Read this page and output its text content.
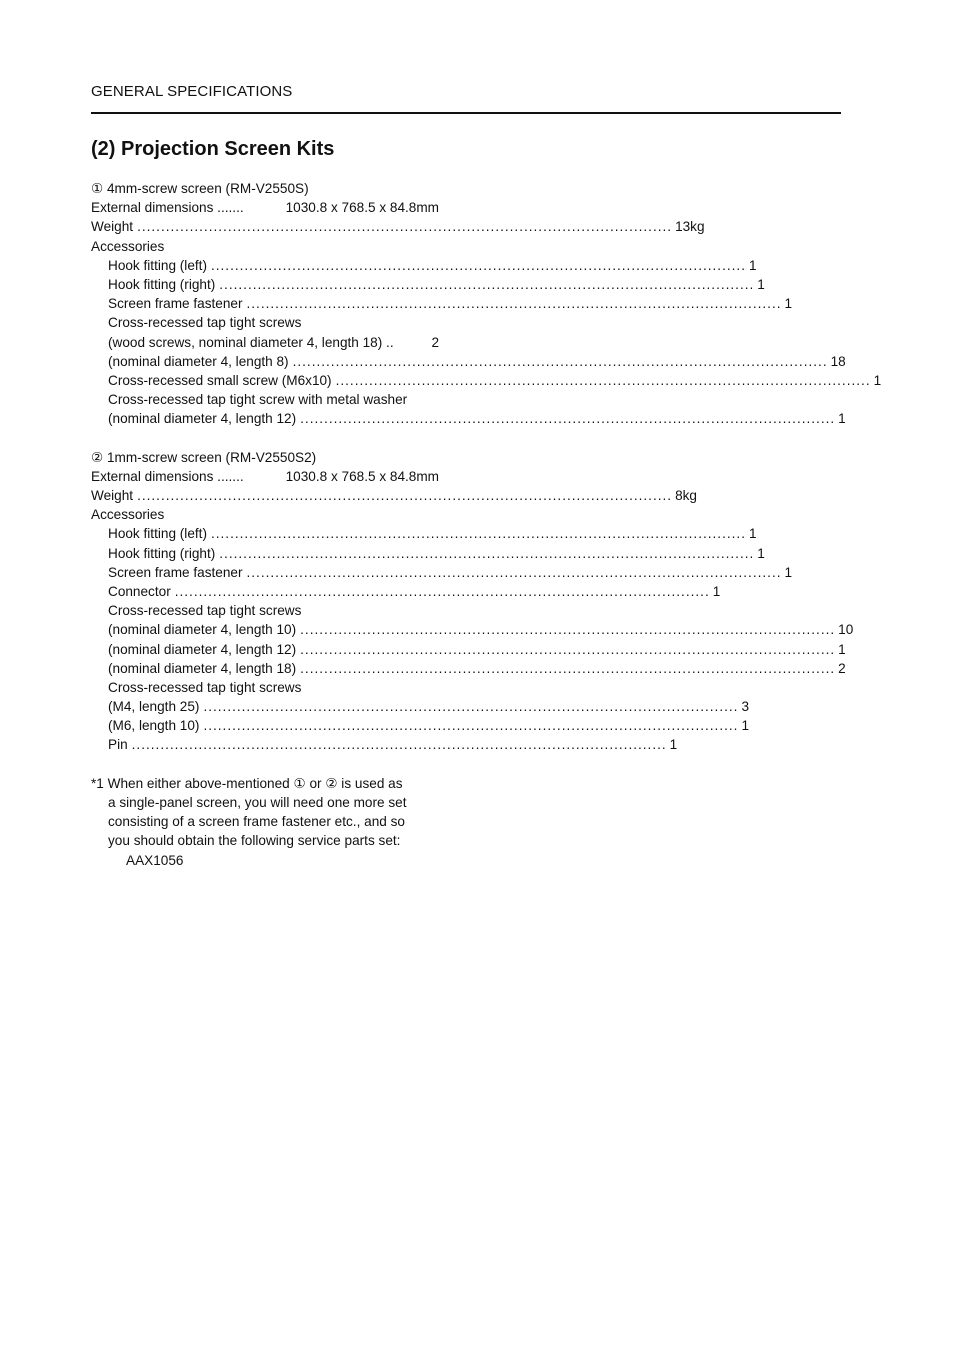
GENERAL SPECIFICATIONS
(2) Projection Screen Kits
① 4mm-screw screen (RM-V2550S)
External dimensions .......	1030.8 x 768.5 x 84.8mm
Weight ................................................................................................................ 13kg
Accessories
Hook fitting (left) ................................................................................................................ 1
Hook fitting (right) ................................................................................................................ 1
Screen frame fastener ................................................................................................................ 1
Cross-recessed tap tight screws
(wood screws, nominal diameter 4, length 18) ..	2
(nominal diameter 4, length 8) ................................................................................................................ 18
Cross-recessed small screw (M6x10) ................................................................................................................ 1
Cross-recessed tap tight screw with metal washer
(nominal diameter 4, length 12) ................................................................................................................ 1
② 1mm-screw screen (RM-V2550S2)
External dimensions .......	1030.8 x 768.5 x 84.8mm
Weight ................................................................................................................ 8kg
Accessories
Hook fitting (left) ................................................................................................................ 1
Hook fitting (right) ................................................................................................................ 1
Screen frame fastener ................................................................................................................ 1
Connector ................................................................................................................ 1
Cross-recessed tap tight screws
(nominal diameter 4, length 10) ................................................................................................................ 10
(nominal diameter 4, length 12) ................................................................................................................ 1
(nominal diameter 4, length 18) ................................................................................................................ 2
Cross-recessed tap tight screws
(M4, length 25) ................................................................................................................ 3
(M6, length 10) ................................................................................................................ 1
Pin ................................................................................................................ 1
*1 When either above-mentioned ① or ② is used as
a single-panel screen, you will need one more set
consisting of a screen frame fastener etc., and so
you should obtain the following service parts set:
AAX1056
